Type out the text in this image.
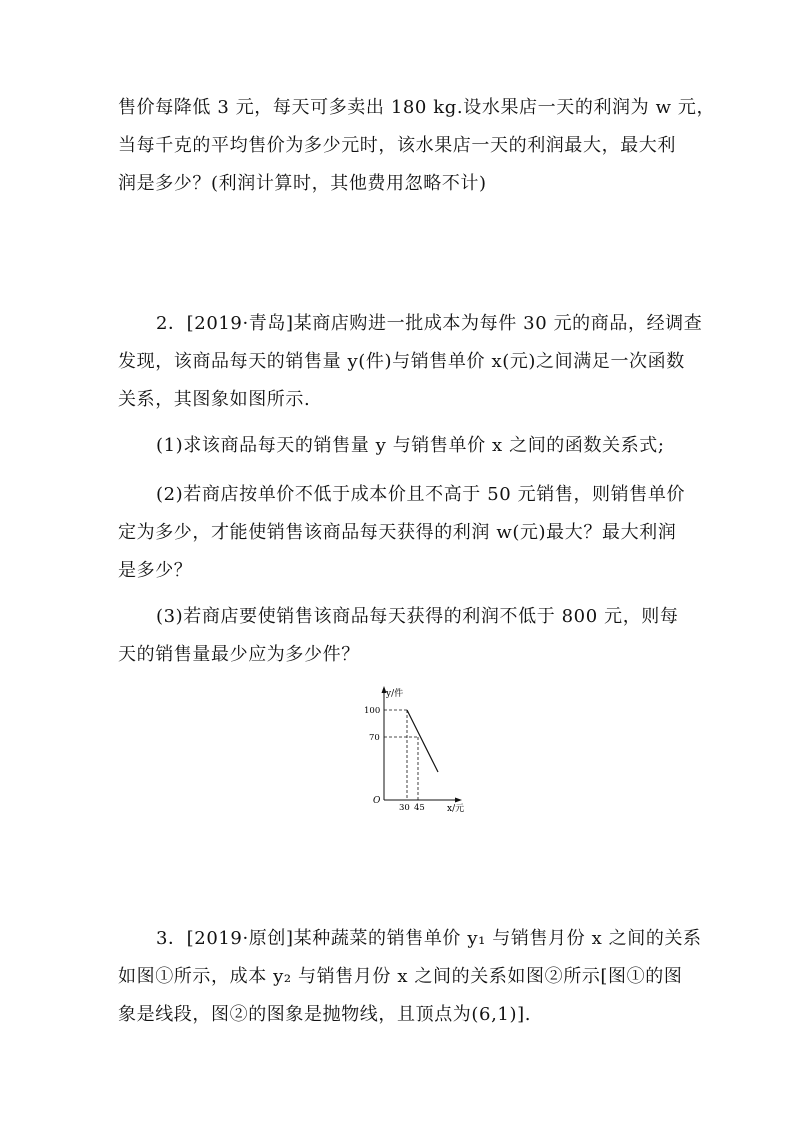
售价每降低 3 元，每天可多卖出 180 kg.设水果店一天的利润为 w 元，
当每千克的平均售价为多少元时，该水果店一天的利润最大，最大利
润是多少？(利润计算时，其他费用忽略不计)
2．[2019·青岛]某商店购进一批成本为每件 30 元的商品，经调查
发现，该商品每天的销售量 y(件)与销售单价 x(元)之间满足一次函数
关系，其图象如图所示.
(1)求该商品每天的销售量 y 与销售单价 x 之间的函数关系式;
(2)若商店按单价不低于成本价且不高于 50 元销售，则销售单价
定为多少，才能使销售该商品每天获得的利润 w(元)最大？最大利润
是多少？
(3)若商店要使销售该商品每天获得的利润不低于 800 元，则每
天的销售量最少应为多少件？
y/件
100
70
O
30 45 x/元
3．[2019·原创]某种蔬菜的销售单价 y₁ 与销售月份 x 之间的关系
如图①所示，成本 y₂ 与销售月份 x 之间的关系如图②所示[图①的图
象是线段，图②的图象是抛物线，且顶点为(6,1)].
